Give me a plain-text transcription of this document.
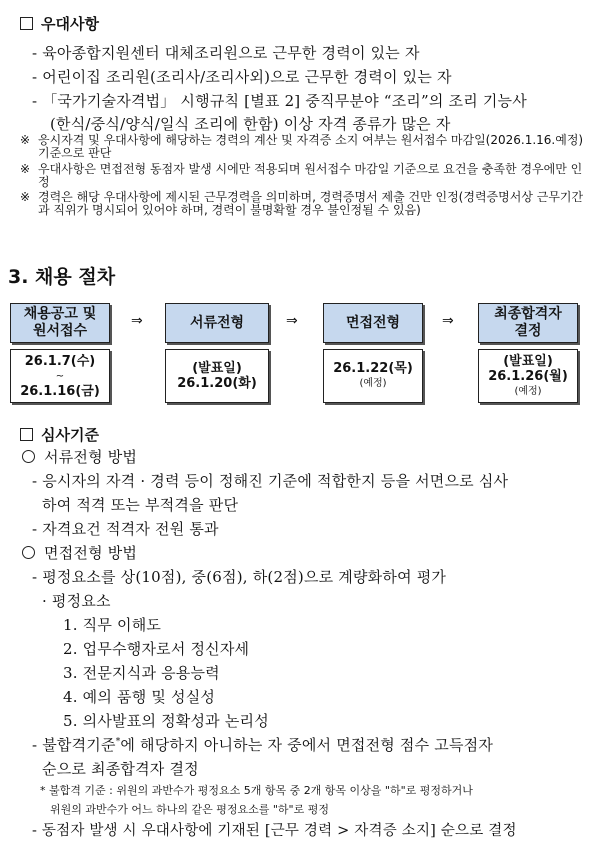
우대사항
- 육아종합지원센터 대체조리원으로 근무한 경력이 있는 자
- 어린이집 조리원(조리사/조리사외)으로 근무한 경력이 있는 자
- 「국가기술자격법」 시행규칙 [별표 2] 중직무분야 “조리”의 조리 기능사
(한식/중식/양식/일식 조리에 한함) 이상 자격 종류가 많은 자
※ 응시자격 및 우대사항에 해당하는 경력의 계산 및 자격증 소지 여부는 원서접수 마감일(2026.1.16.예정) 기준으로 판단
※ 우대사항은 면접전형 동점자 발생 시에만 적용되며 원서접수 마감일 기준으로 요건을 충족한 경우에만 인정
※ 경력은 해당 우대사항에 제시된 근무경력을 의미하며, 경력증명서 제출 건만 인정(경력증명서상 근무기간과 직위가 명시되어 있어야 하며, 경력이 불명확할 경우 불인정될 수 있음)
3. 채용 절차
채용공고 및
원서접수
26.1.7(수)
~
26.1.16(금)
⇒	서류전형
(발표일)
26.1.20(화)
⇒	면접전형
26.1.22(목)
(예정)
⇒	최종합격자
결정
(발표일)
26.1.26(월)
(예정)
심사기준
서류전형 방법
- 응시자의 자격 · 경력 등이 정해진 기준에 적합한지 등을 서면으로 심사
하여 적격 또는 부적격을 판단
- 자격요건 적격자 전원 통과
면접전형 방법
- 평정요소를 상(10점), 중(6점), 하(2점)으로 계량화하여 평가
· 평정요소
1. 직무 이해도
2. 업무수행자로서 정신자세
3. 전문지식과 응용능력
4. 예의 품행 및 성실성
5. 의사발표의 정확성과 논리성
- 불합격기준*에 해당하지 아니하는 자 중에서 면접전형 점수 고득점자
순으로 최종합격자 결정
* 불합격 기준 : 위원의 과반수가 평정요소 5개 항목 중 2개 항목 이상을 "하"로 평정하거나
위원의 과반수가 어느 하나의 같은 평정요소를 "하"로 평정
- 동점자 발생 시 우대사항에 기재된 [근무 경력 > 자격증 소지] 순으로 결정
